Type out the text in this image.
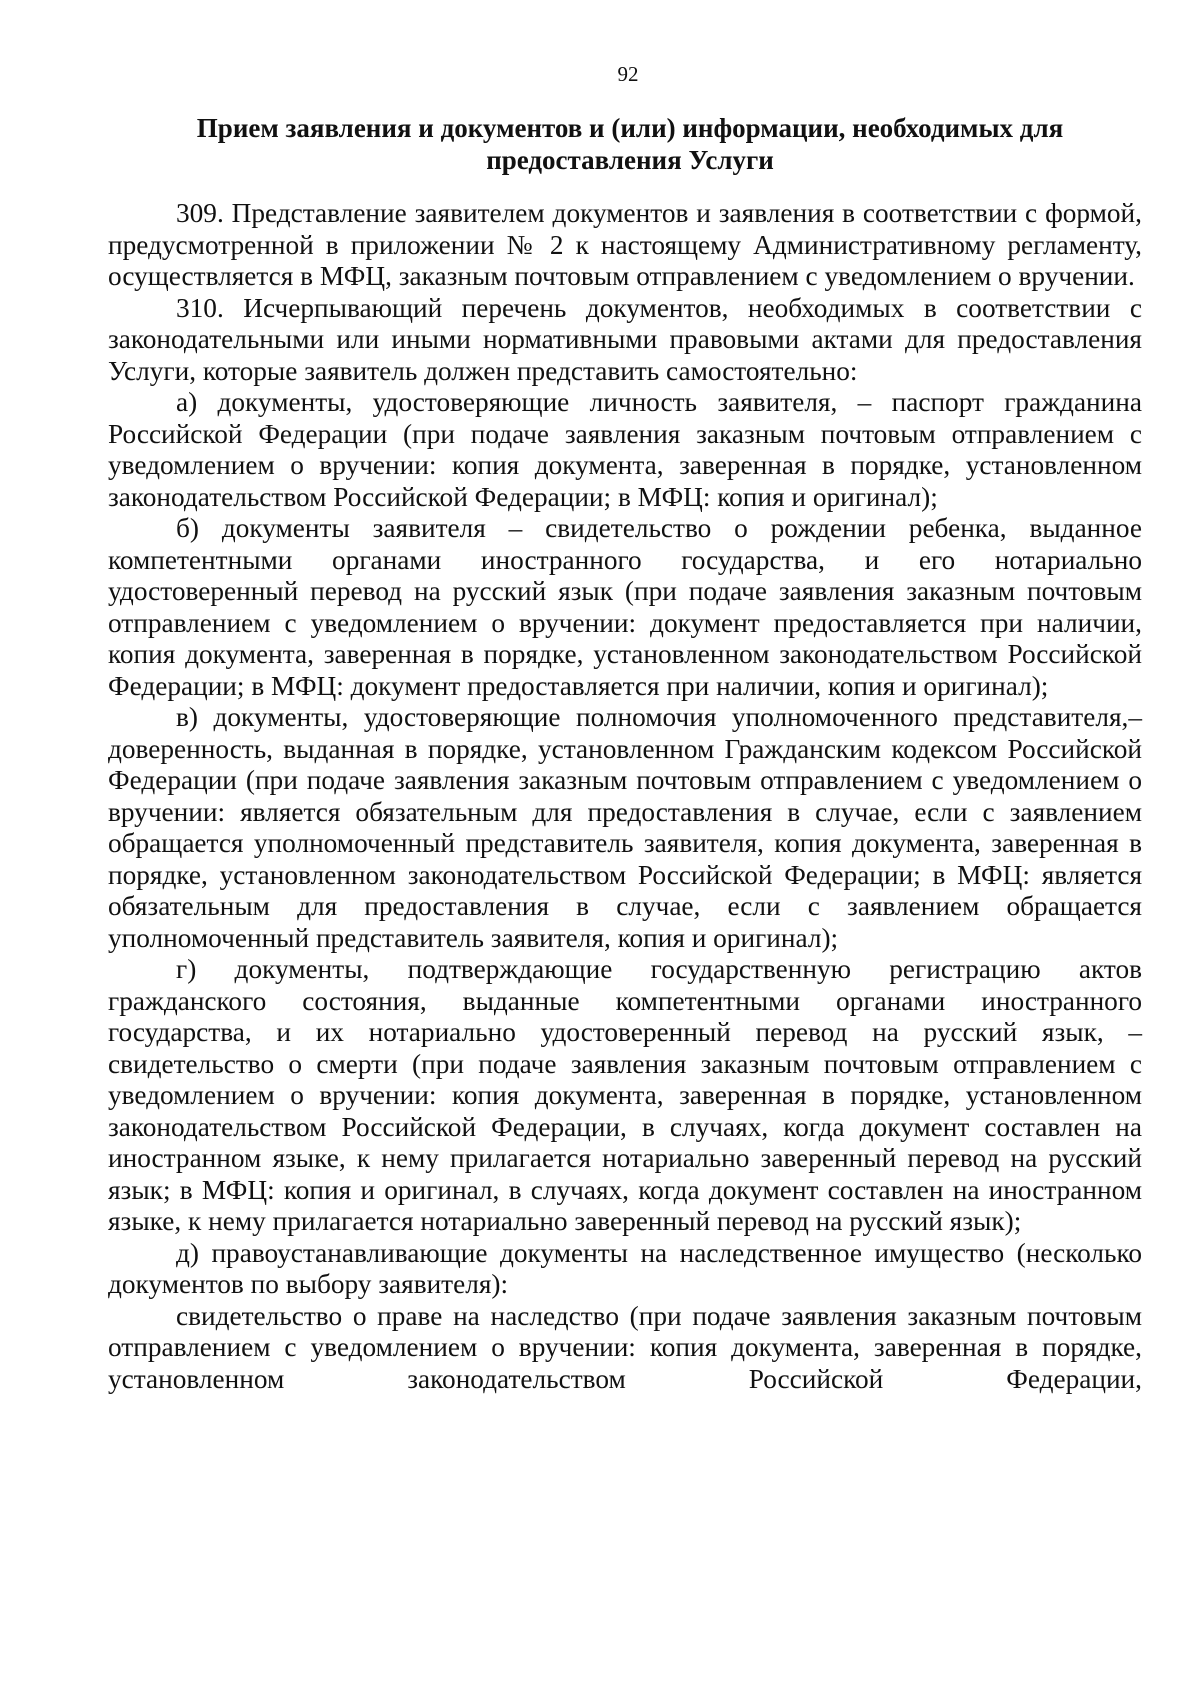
92
Прием заявления и документов и (или) информации, необходимых для предоставления Услуги

309. Представление заявителем документов и заявления в соответствии с формой, предусмотренной в приложении № 2 к настоящему Административному регламенту, осуществляется в МФЦ, заказным почтовым отправлением с уведомлением о вручении.

310. Исчерпывающий перечень документов, необходимых в соответствии с законодательными или иными нормативными правовыми актами для предоставления Услуги, которые заявитель должен представить самостоятельно:

а) документы, удостоверяющие личность заявителя, – паспорт гражданина Российской Федерации (при подаче заявления заказным почтовым отправлением с уведомлением о вручении: копия документа, заверенная в порядке, установленном законодательством Российской Федерации; в МФЦ: копия и оригинал);

б) документы заявителя – свидетельство о рождении ребенка, выданное компетентными органами иностранного государства, и его нотариально удостоверенный перевод на русский язык (при подаче заявления заказным почтовым отправлением с уведомлением о вручении: документ предоставляется при наличии, копия документа, заверенная в порядке, установленном законодательством Российской Федерации; в МФЦ: документ предоставляется при наличии, копия и оригинал);

в) документы, удостоверяющие полномочия уполномоченного представителя,– доверенность, выданная в порядке, установленном Гражданским кодексом Российской Федерации (при подаче заявления заказным почтовым отправлением с уведомлением о вручении: является обязательным для предоставления в случае, если с заявлением обращается уполномоченный представитель заявителя, копия документа, заверенная в порядке, установленном законодательством Российской Федерации; в МФЦ: является обязательным для предоставления в случае, если с заявлением обращается уполномоченный представитель заявителя, копия и оригинал);

г) документы, подтверждающие государственную регистрацию актов гражданского состояния, выданные компетентными органами иностранного государства, и их нотариально удостоверенный перевод на русский язык, – свидетельство о смерти (при подаче заявления заказным почтовым отправлением с уведомлением о вручении: копия документа, заверенная в порядке, установленном законодательством Российской Федерации, в случаях, когда документ составлен на иностранном языке, к нему прилагается нотариально заверенный перевод на русский язык; в МФЦ: копия и оригинал, в случаях, когда документ составлен на иностранном языке, к нему прилагается нотариально заверенный перевод на русский язык);

д) правоустанавливающие документы на наследственное имущество (несколько документов по выбору заявителя):

свидетельство о праве на наследство (при подаче заявления заказным почтовым отправлением с уведомлением о вручении: копия документа, заверенная в порядке, установленном законодательством Российской Федерации,
